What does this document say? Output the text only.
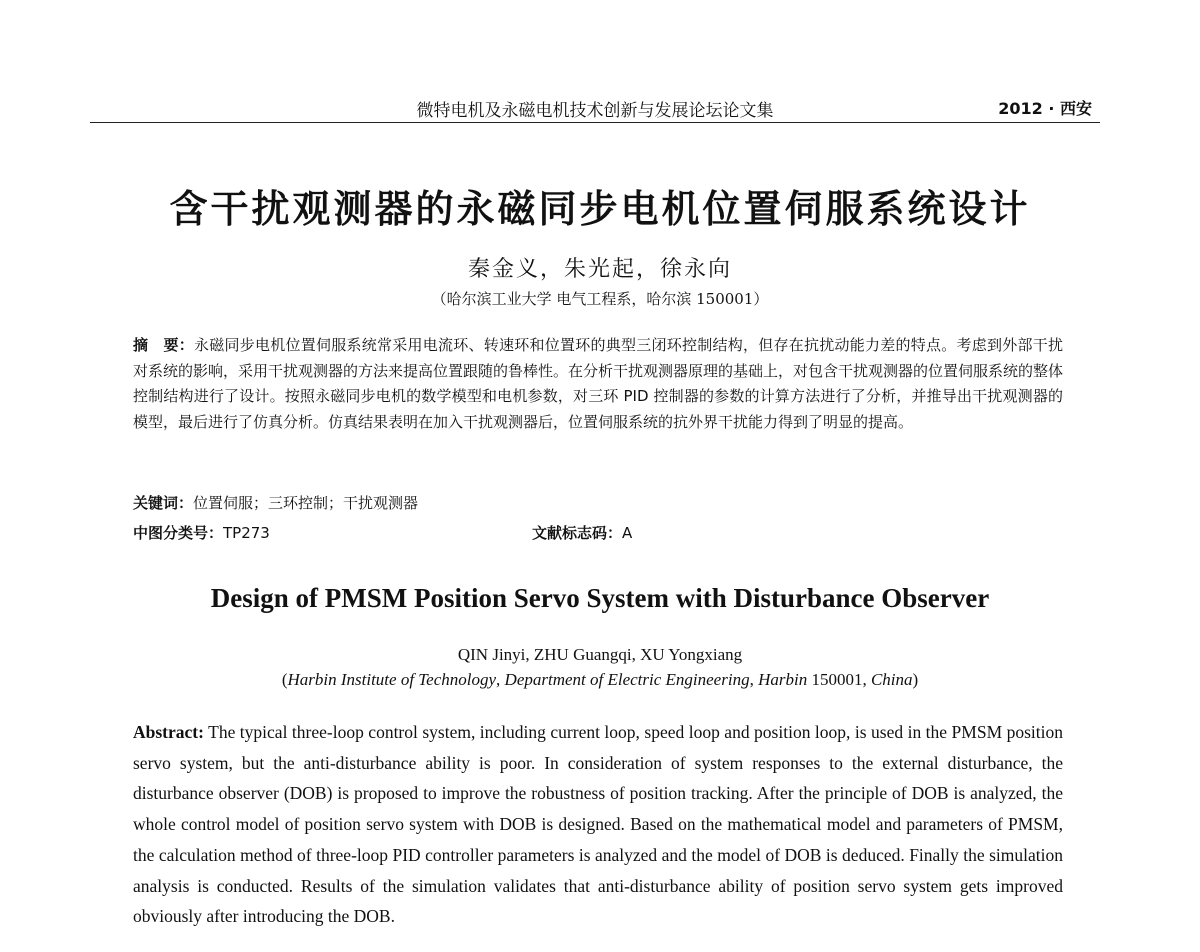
微特电机及永磁电机技术创新与发展论坛论文集	2012 · 西安
含干扰观测器的永磁同步电机位置伺服系统设计
秦金义，朱光起，徐永向
（哈尔滨工业大学 电气工程系，哈尔滨 150001）
摘　要：永磁同步电机位置伺服系统常采用电流环、转速环和位置环的典型三闭环控制结构，但存在抗扰动能力差的特点。考虑到外部干扰对系统的影响，采用干扰观测器的方法来提高位置跟随的鲁棒性。在分析干扰观测器原理的基础上，对包含干扰观测器的位置伺服系统的整体控制结构进行了设计。按照永磁同步电机的数学模型和电机参数，对三环 PID 控制器的参数的计算方法进行了分析，并推导出干扰观测器的模型，最后进行了仿真分析。仿真结果表明在加入干扰观测器后，位置伺服系统的抗外界干扰能力得到了明显的提高。
关键词：位置伺服；三环控制；干扰观测器
中图分类号：TP273	文献标志码：A
Design of PMSM Position Servo System with Disturbance Observer
QIN Jinyi, ZHU Guangqi, XU Yongxiang
(Harbin Institute of Technology, Department of Electric Engineering, Harbin 150001, China)
Abstract: The typical three-loop control system, including current loop, speed loop and position loop, is used in the PMSM position servo system, but the anti-disturbance ability is poor. In consideration of system responses to the external disturbance, the disturbance observer (DOB) is proposed to improve the robustness of position tracking. After the principle of DOB is analyzed, the whole control model of position servo system with DOB is designed. Based on the mathematical model and parameters of PMSM, the calculation method of three-loop PID controller parameters is analyzed and the model of DOB is deduced. Finally the simulation analysis is conducted. Results of the simulation validates that anti-disturbance ability of position servo system gets improved obviously after introducing the DOB.
